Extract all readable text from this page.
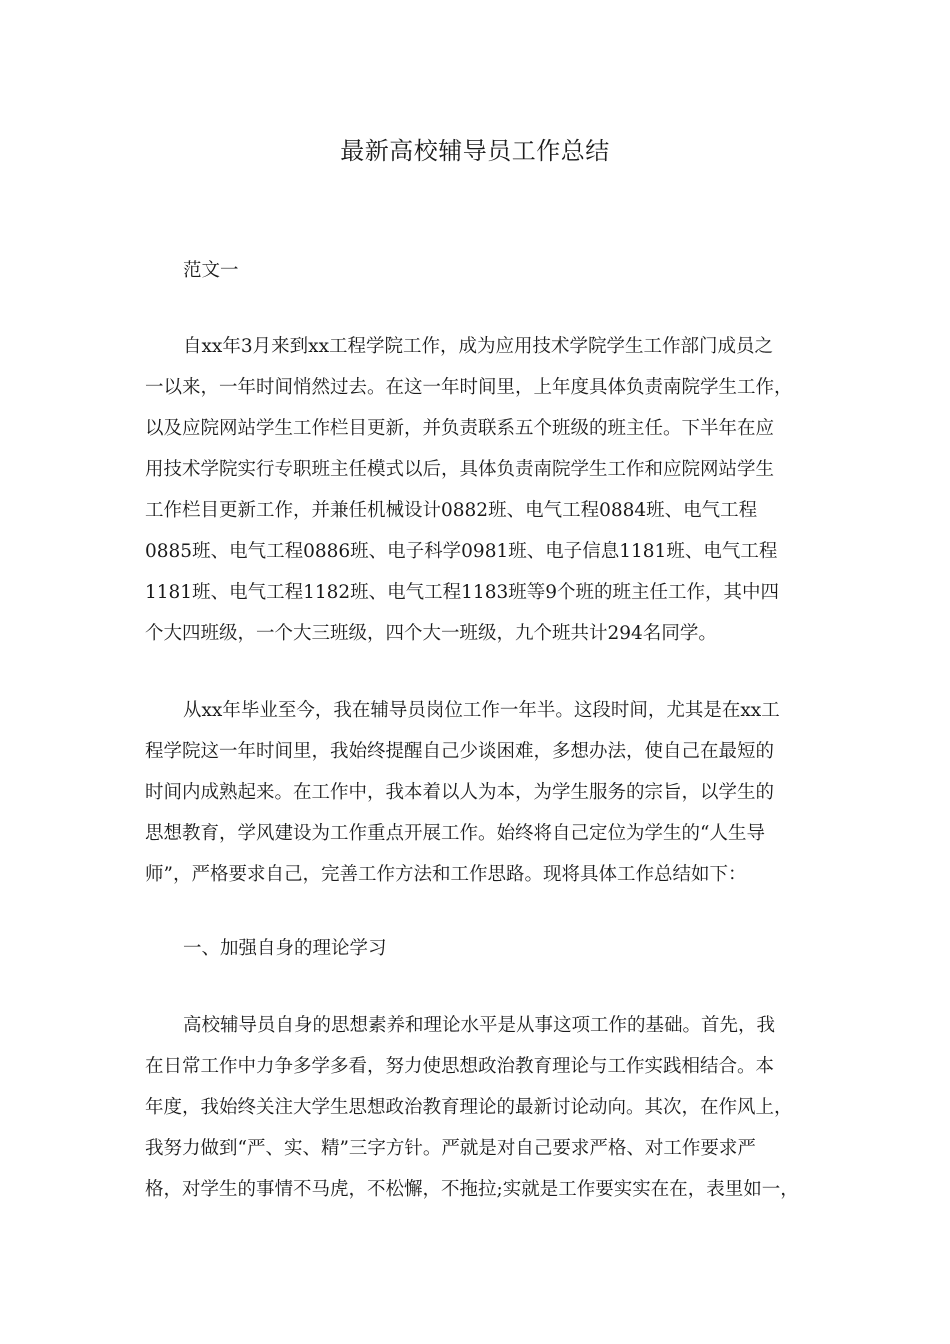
最新高校辅导员工作总结
范文一
自xx年3月来到xx工程学院工作，成为应用技术学院学生工作部门成员之
一以来，一年时间悄然过去。在这一年时间里，上年度具体负责南院学生工作，
以及应院网站学生工作栏目更新，并负责联系五个班级的班主任。下半年在应
用技术学院实行专职班主任模式以后，具体负责南院学生工作和应院网站学生
工作栏目更新工作，并兼任机械设计0882班、电气工程0884班、电气工程
0885班、电气工程0886班、电子科学0981班、电子信息1181班、电气工程
1181班、电气工程1182班、电气工程1183班等9个班的班主任工作，其中四
个大四班级，一个大三班级，四个大一班级，九个班共计294名同学。
从xx年毕业至今，我在辅导员岗位工作一年半。这段时间，尤其是在xx工
程学院这一年时间里，我始终提醒自己少谈困难，多想办法，使自己在最短的
时间内成熟起来。在工作中，我本着以人为本，为学生服务的宗旨，以学生的
思想教育，学风建设为工作重点开展工作。始终将自己定位为学生的“人生导
师”，严格要求自己，完善工作方法和工作思路。现将具体工作总结如下：
一、加强自身的理论学习
高校辅导员自身的思想素养和理论水平是从事这项工作的基础。首先，我
在日常工作中力争多学多看，努力使思想政治教育理论与工作实践相结合。本
年度，我始终关注大学生思想政治教育理论的最新讨论动向。其次，在作风上，
我努力做到“严、实、精”三字方针。严就是对自己要求严格、对工作要求严
格，对学生的事情不马虎，不松懈，不拖拉;实就是工作要实实在在，表里如一，
